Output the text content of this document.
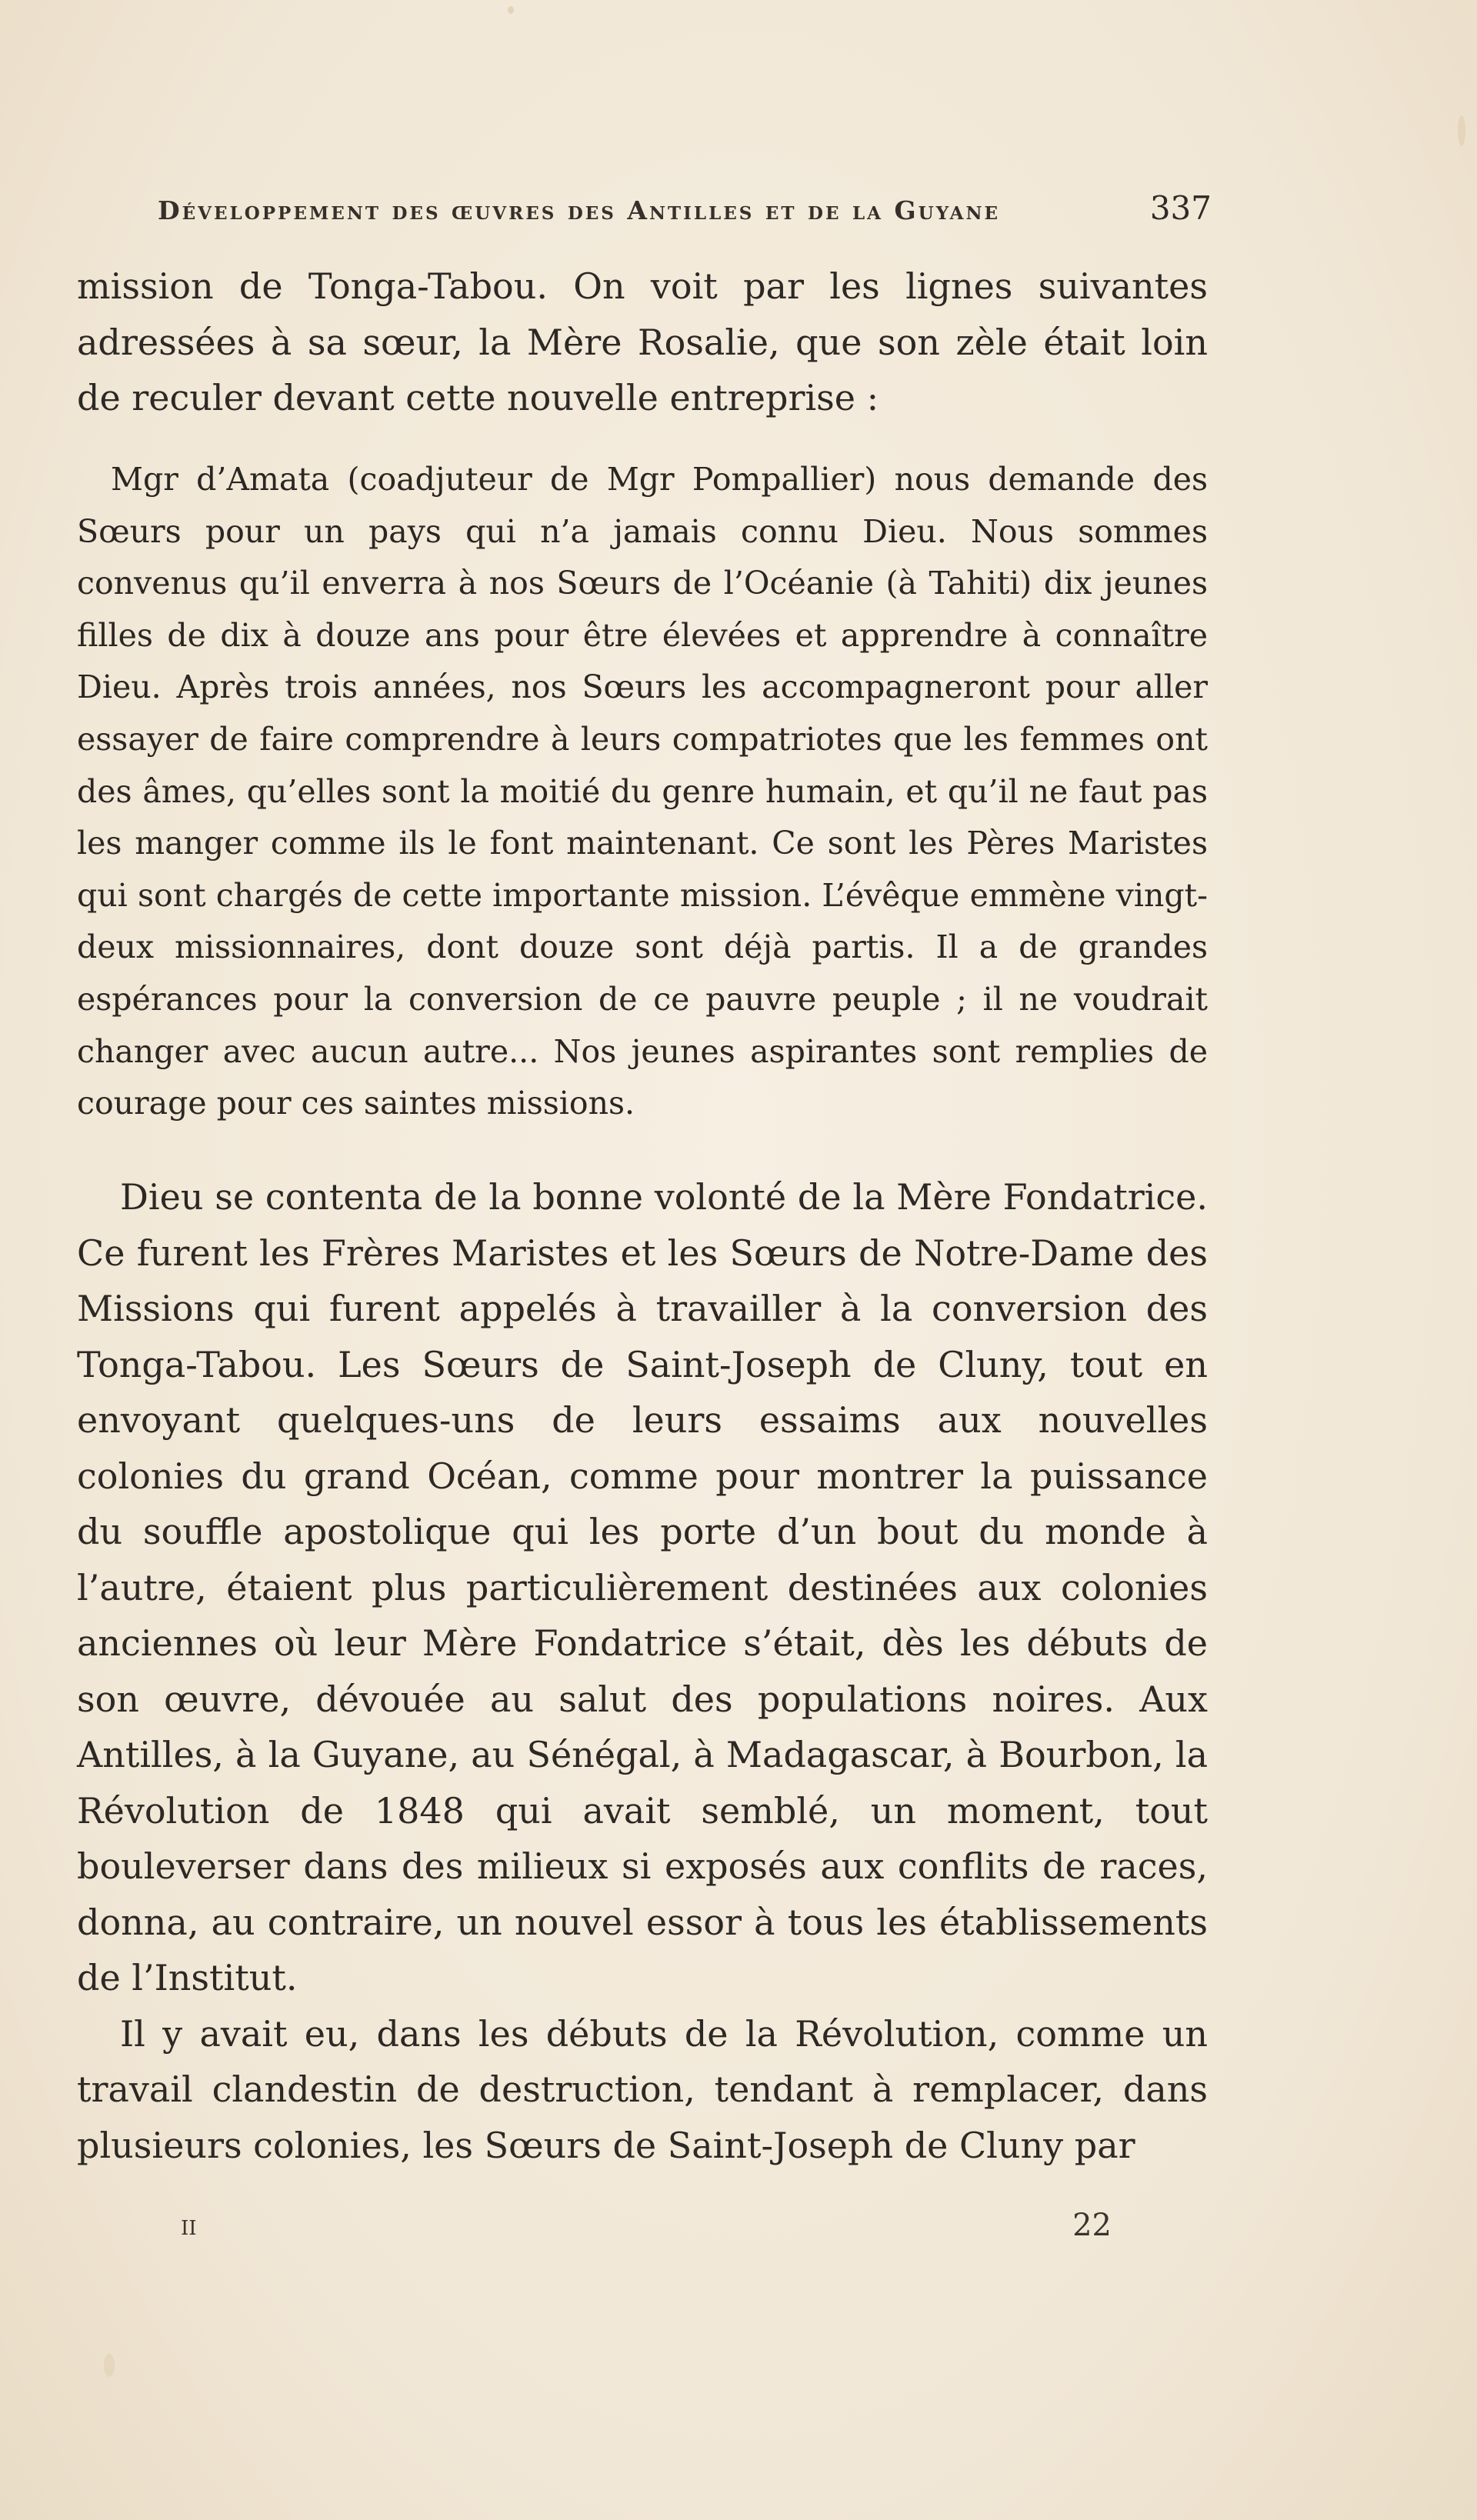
Développement des œuvres des Antilles et de la Guyane	337

mission de Tonga-Tabou. On voit par les lignes suivantes adressées à sa sœur, la Mère Rosalie, que son zèle était loin de reculer devant cette nouvelle entreprise :

Mgr d’Amata (coadjuteur de Mgr Pompallier) nous demande des Sœurs pour un pays qui n’a jamais connu Dieu. Nous sommes convenus qu’il enverra à nos Sœurs de l’Océanie (à Tahiti) dix jeunes filles de dix à douze ans pour être élevées et apprendre à connaître Dieu. Après trois années, nos Sœurs les accompagneront pour aller essayer de faire comprendre à leurs compatriotes que les femmes ont des âmes, qu’elles sont la moitié du genre humain, et qu’il ne faut pas les manger comme ils le font maintenant. Ce sont les Pères Maristes qui sont chargés de cette importante mission. L’évêque emmène vingt-deux missionnaires, dont douze sont déjà partis. Il a de grandes espérances pour la conversion de ce pauvre peuple ; il ne voudrait changer avec aucun autre... Nos jeunes aspirantes sont remplies de courage pour ces saintes missions.

Dieu se contenta de la bonne volonté de la Mère Fondatrice. Ce furent les Frères Maristes et les Sœurs de Notre-Dame des Missions qui furent appelés à travailler à la conversion des Tonga-Tabou. Les Sœurs de Saint-Joseph de Cluny, tout en envoyant quelques-uns de leurs essaims aux nouvelles colonies du grand Océan, comme pour montrer la puissance du souffle apostolique qui les porte d’un bout du monde à l’autre, étaient plus particulièrement destinées aux colonies anciennes où leur Mère Fondatrice s’était, dès les débuts de son œuvre, dévouée au salut des populations noires. Aux Antilles, à la Guyane, au Sénégal, à Madagascar, à Bourbon, la Révolution de 1848 qui avait semblé, un moment, tout bouleverser dans des milieux si exposés aux conflits de races, donna, au contraire, un nouvel essor à tous les établissements de l’Institut.

Il y avait eu, dans les débuts de la Révolution, comme un travail clandestin de destruction, tendant à remplacer, dans plusieurs colonies, les Sœurs de Saint-Joseph de Cluny par

II	22
